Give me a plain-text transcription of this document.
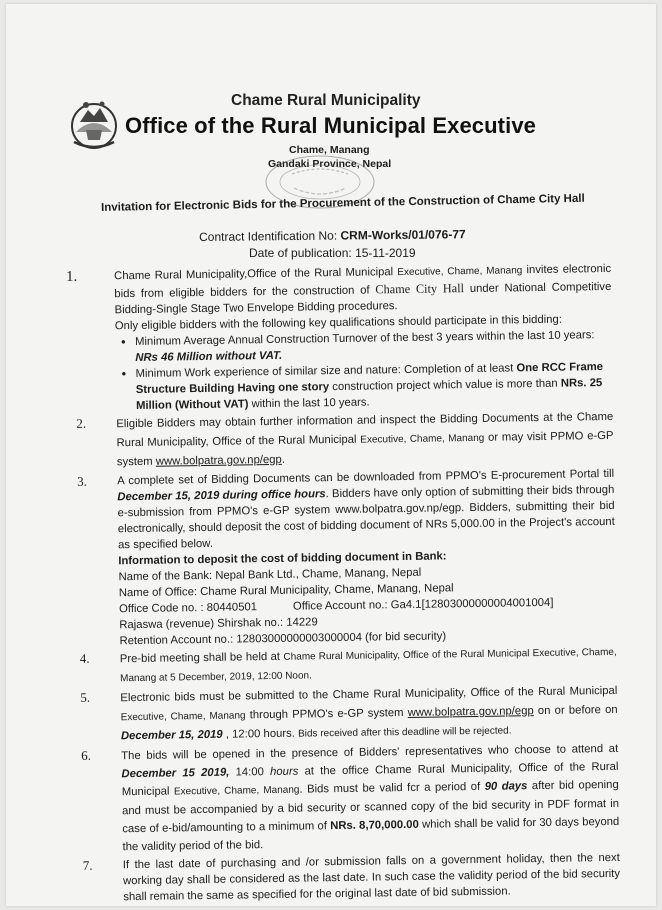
Chame Rural Municipality
Office of the Rural Municipal Executive
Chame, Manang
Gandaki Province, Nepal
Invitation for Electronic Bids for the Procurement of the Construction of Chame City Hall
Contract Identification No: CRM-Works/01/076-77
Date of publication: 15-11-2019
1.	Chame Rural Municipality,Office of the Rural Municipal Executive, Chame, Manang invites electronic bids from eligible bidders for the construction of Chame City Hall under National Competitive Bidding-Single Stage Two Envelope Bidding procedures.
Only eligible bidders with the following key qualifications should participate in this bidding:
• Minimum Average Annual Construction Turnover of the best 3 years within the last 10 years: NRs 46 Million without VAT.
• Minimum Work experience of similar size and nature: Completion of at least One RCC Frame Structure Building Having one story construction project which value is more than NRs. 25 Million (Without VAT) within the last 10 years.
2.	Eligible Bidders may obtain further information and inspect the Bidding Documents at the Chame Rural Municipality, Office of the Rural Municipal Executive, Chame, Manang or may visit PPMO e-GP system www.bolpatra.gov.np/egp.
3.	A complete set of Bidding Documents can be downloaded from PPMO's E-procurement Portal till December 15, 2019 during office hours. Bidders have only option of submitting their bids through e-submission from PPMO's e-GP system www.bolpatra.gov.np/egp. Bidders, submitting their bid electronically, should deposit the cost of bidding document of NRs 5,000.00 in the Project's account as specified below.
Information to deposit the cost of bidding document in Bank:
Name of the Bank: Nepal Bank Ltd., Chame, Manang, Nepal
Name of Office: Chame Rural Municipality, Chame, Manang, Nepal
Office Code no. : 80440501	Office Account no.: Ga4.1[12803000000004001004]
Rajaswa (revenue) Shirshak no.: 14229
Retention Account no.: 12803000000003000004 (for bid security)
4.	Pre-bid meeting shall be held at Chame Rural Municipality, Office of the Rural Municipal Executive, Chame, Manang at 5 December, 2019, 12:00 Noon.
5.	Electronic bids must be submitted to the Chame Rural Municipality, Office of the Rural Municipal Executive, Chame, Manang through PPMO's e-GP system www.bolpatra.gov.np/egp on or before on December 15, 2019 , 12:00 hours. Bids received after this deadline will be rejected.
6.	The bids will be opened in the presence of Bidders' representatives who choose to attend at December 15 2019, 14:00 hours at the office Chame Rural Municipality, Office of the Rural Municipal Executive, Chame, Manang. Bids must be valid fcr a period of 90 days after bid opening and must be accompanied by a bid security or scanned copy of the bid security in PDF format in case of e-bid/amounting to a minimum of NRs. 8,70,000.00 which shall be valid for 30 days beyond the validity period of the bid.
7.	If the last date of purchasing and /or submission falls on a government holiday, then the next working day shall be considered as the last date. In such case the validity period of the bid security shall remain the same as specified for the original last date of bid submission.
